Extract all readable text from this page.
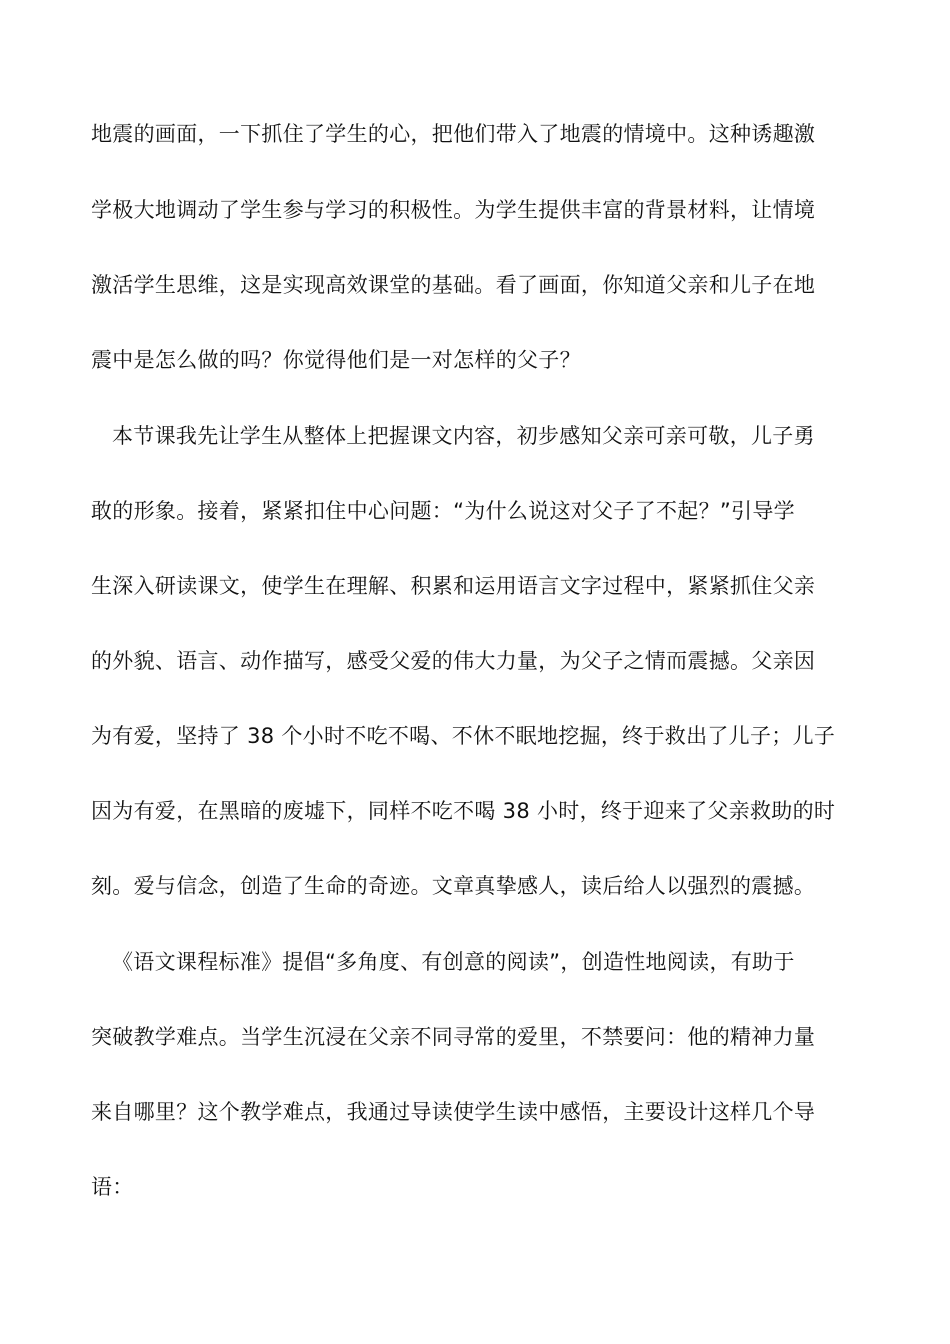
地震的画面，一下抓住了学生的心，把他们带入了地震的情境中。这种诱趣激
学极大地调动了学生参与学习的积极性。为学生提供丰富的背景材料，让情境
激活学生思维，这是实现高效课堂的基础。看了画面，你知道父亲和儿子在地
震中是怎么做的吗？你觉得他们是一对怎样的父子？
本节课我先让学生从整体上把握课文内容，初步感知父亲可亲可敬，儿子勇
敢的形象。接着，紧紧扣住中心问题：“为什么说这对父子了不起？”引导学
生深入研读课文，使学生在理解、积累和运用语言文字过程中，紧紧抓住父亲
的外貌、语言、动作描写，感受父爱的伟大力量，为父子之情而震撼。父亲因
为有爱，坚持了 38 个小时不吃不喝、不休不眠地挖掘，终于救出了儿子；儿子
因为有爱，在黑暗的废墟下，同样不吃不喝 38 小时，终于迎来了父亲救助的时
刻。爱与信念，创造了生命的奇迹。文章真挚感人，读后给人以强烈的震撼。
《语文课程标准》提倡“多角度、有创意的阅读”，创造性地阅读，有助于
突破教学难点。当学生沉浸在父亲不同寻常的爱里，不禁要问：他的精神力量
来自哪里？这个教学难点，我通过导读使学生读中感悟，主要设计这样几个导
语：
